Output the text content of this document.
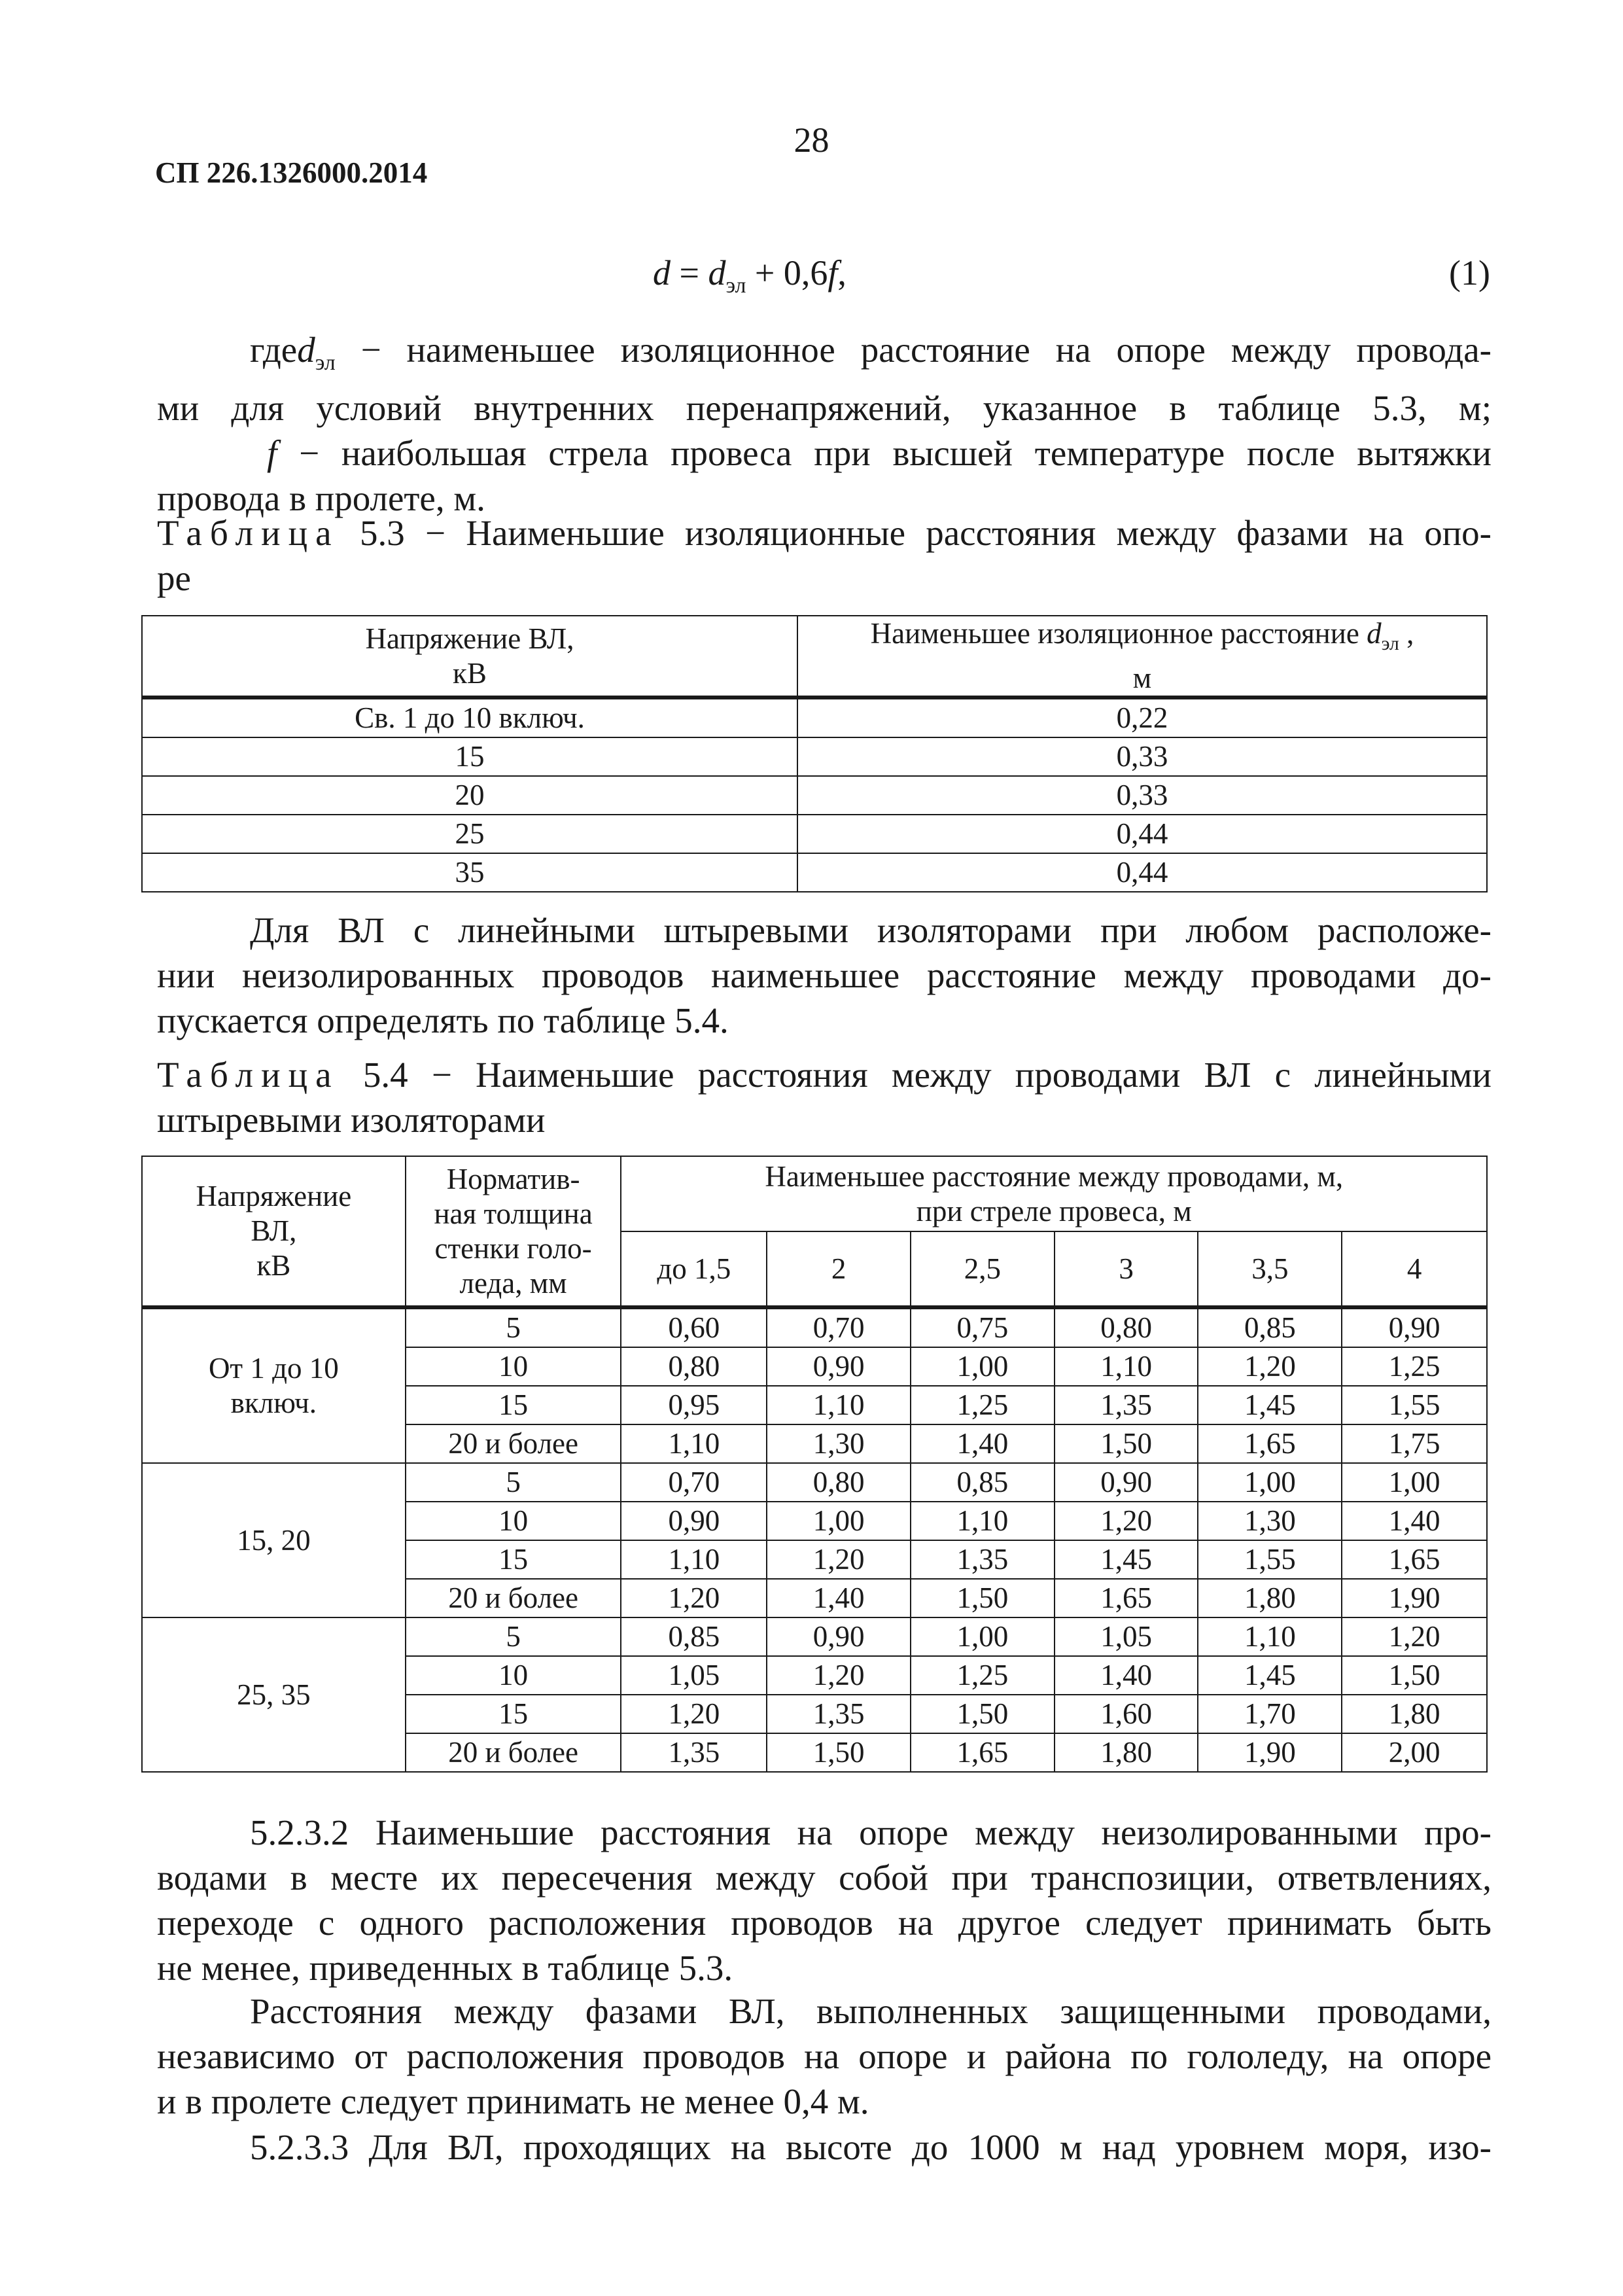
28
СП 226.1326000.2014
$d = d_{эл} + 0,6f$,	(1)
гдеd$_{эл}$ − наименьшее изоляционное расстояние на опоре между провода-
ми для условий внутренних перенапряжений, указанное в таблице 5.3, м;
f − наибольшая стрела провеса при высшей температуре после вытяжки
провода в пролете, м.
Таблица 5.3 − Наименьшие изоляционные расстояния между фазами на опо-
ре
Напряжение ВЛ,
кВ	Наименьшее изоляционное расстояние $d_{эл}$ ,
м
Св. 1 до 10 включ.	0,22
15	0,33
20	0,33
25	0,44
35	0,44
Для ВЛ с линейными штыревыми изоляторами при любом расположе-
нии неизолированных проводов наименьшее расстояние между проводами до-
пускается определять по таблице 5.4.
Таблица 5.4 − Наименьшие расстояния между проводами ВЛ с линейными
штыревыми изоляторами
Напряжение
ВЛ,
кВ	Норматив-
ная толщина
стенки голо-
леда, мм	Наименьшее расстояние между проводами, м,
при стреле провеса, м					
		до 1,5	2	2,5	3	3,5	4
От 1 до 10
включ.	5	0,60	0,70	0,75	0,80	0,85	0,90
	10	0,80	0,90	1,00	1,10	1,20	1,25
	15	0,95	1,10	1,25	1,35	1,45	1,55
	20 и более	1,10	1,30	1,40	1,50	1,65	1,75
15, 20	5	0,70	0,80	0,85	0,90	1,00	1,00
	10	0,90	1,00	1,10	1,20	1,30	1,40
	15	1,10	1,20	1,35	1,45	1,55	1,65
	20 и более	1,20	1,40	1,50	1,65	1,80	1,90
25, 35	5	0,85	0,90	1,00	1,05	1,10	1,20
	10	1,05	1,20	1,25	1,40	1,45	1,50
	15	1,20	1,35	1,50	1,60	1,70	1,80
	20 и более	1,35	1,50	1,65	1,80	1,90	2,00
5.2.3.2 Наименьшие расстояния на опоре между неизолированными про-
водами в месте их пересечения между собой при транспозиции, ответвлениях,
переходе с одного расположения проводов на другое следует принимать быть
не менее, приведенных в таблице 5.3.
Расстояния между фазами ВЛ, выполненных защищенными проводами,
независимо от расположения проводов на опоре и района по гололеду, на опоре
и в пролете следует принимать не менее 0,4 м.
5.2.3.3 Для ВЛ, проходящих на высоте до 1000 м над уровнем моря, изо-
